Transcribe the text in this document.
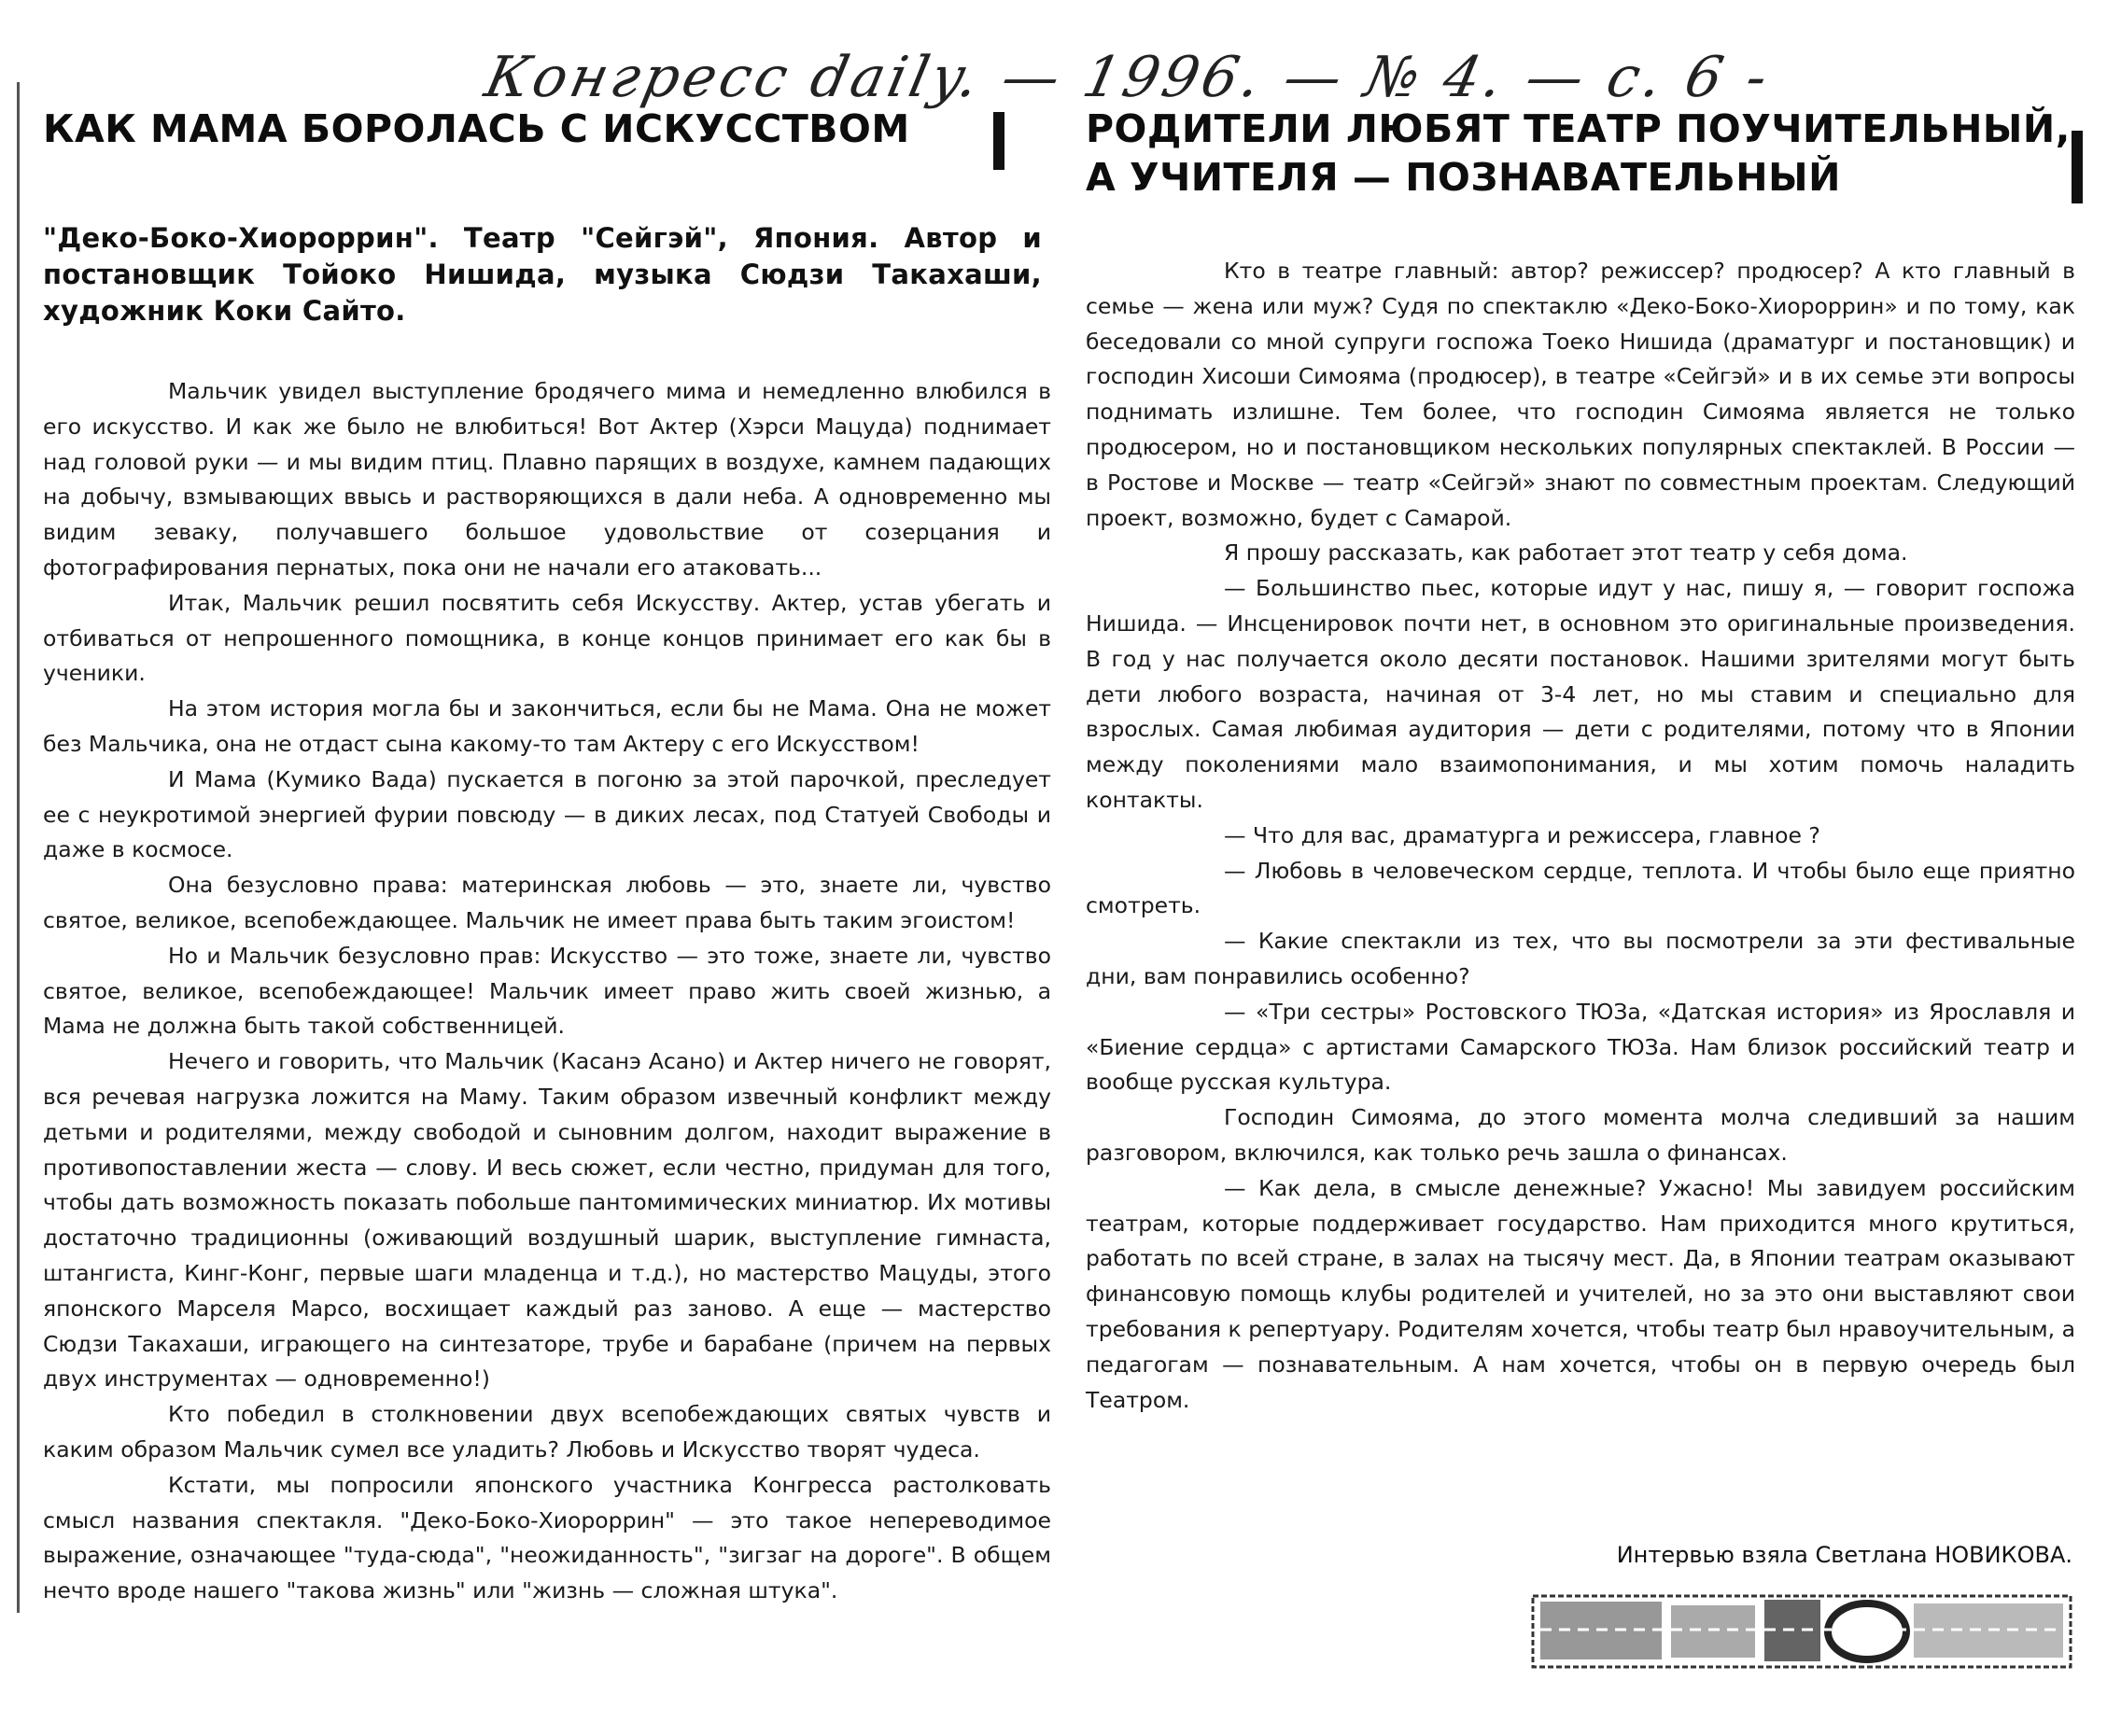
Конгресс daily. — 1996. — № 4. — с. 6 -
КАК МАМА БОРОЛАСЬ С ИСКУССТВОМ
"Деко-Боко-Хиороррин". Театр "Сейгэй", Япония. Автор и постановщик Тойоко Нишида, музыка Сюдзи Такахаши, художник Коки Сайто.

Мальчик увидел выступление бродячего мима и немедленно влюбился в его искусство. И как же было не влюбиться! Вот Актер (Хэрси Мацуда) поднимает над головой руки — и мы видим птиц. Плавно парящих в воздухе, камнем падающих на добычу, взмывающих ввысь и растворяющихся в дали неба. А одновременно мы видим зеваку, получавшего большое удовольствие от созерцания и фотографирования пернатых, пока они не начали его атаковать...

Итак, Мальчик решил посвятить себя Искусству. Актер, устав убегать и отбиваться от непрошенного помощника, в конце концов принимает его как бы в ученики.

На этом история могла бы и закончиться, если бы не Мама. Она не может без Мальчика, она не отдаст сына какому-то там Актеру с его Искусством!

И Мама (Кумико Вада) пускается в погоню за этой парочкой, преследует ее с неукротимой энергией фурии повсюду — в диких лесах, под Статуей Свободы и даже в космосе.

Она безусловно права: материнская любовь — это, знаете ли, чувство святое, великое, всепобеждающее. Мальчик не имеет права быть таким эгоистом!

Но и Мальчик безусловно прав: Искусство — это тоже, знаете ли, чувство святое, великое, всепобеждающее! Мальчик имеет право жить своей жизнью, а Мама не должна быть такой собственницей.

Нечего и говорить, что Мальчик (Касанэ Асано) и Актер ничего не говорят, вся речевая нагрузка ложится на Маму. Таким образом извечный конфликт между детьми и родителями, между свободой и сыновним долгом, находит выражение в противопоставлении жеста — слову. И весь сюжет, если честно, придуман для того, чтобы дать возможность показать побольше пантомимических миниатюр. Их мотивы достаточно традиционны (оживающий воздушный шарик, выступление гимнаста, штангиста, Кинг-Конг, первые шаги младенца и т.д.), но мастерство Мацуды, этого японского Марселя Марсо, восхищает каждый раз заново. А еще — мастерство Сюдзи Такахаши, играющего на синтезаторе, трубе и барабане (причем на первых двух инструментах — одновременно!)

Кто победил в столкновении двух всепобеждающих святых чувств и каким образом Мальчик сумел все уладить? Любовь и Искусство творят чудеса.

Кстати, мы попросили японского участника Конгресса растолковать смысл названия спектакля. "Деко-Боко-Хиороррин" — это такое непереводимое выражение, означающее "туда-сюда", "неожиданность", "зигзаг на дороге". В общем нечто вроде нашего "такова жизнь" или "жизнь — сложная штука".

РОДИТЕЛИ ЛЮБЯТ ТЕАТР ПОУЧИТЕЛЬНЫЙ,
А УЧИТЕЛЯ — ПОЗНАВАТЕЛЬНЫЙ

Кто в театре главный: автор? режиссер? продюсер? А кто главный в семье — жена или муж? Судя по спектаклю «Деко-Боко-Хиороррин» и по тому, как беседовали со мной супруги госпожа Тоеко Нишида (драматург и постановщик) и господин Хисоши Симояма (продюсер), в театре «Сейгэй» и в их семье эти вопросы поднимать излишне. Тем более, что господин Симояма является не только продюсером, но и постановщиком нескольких популярных спектаклей. В России — в Ростове и Москве — театр «Сейгэй» знают по совместным проектам. Следующий проект, возможно, будет с Самарой.

Я прошу рассказать, как работает этот театр у себя дома.

— Большинство пьес, которые идут у нас, пишу я, — говорит госпожа Нишида. — Инсценировок почти нет, в основном это оригинальные произведения. В год у нас получается около десяти постановок. Нашими зрителями могут быть дети любого возраста, начиная от 3-4 лет, но мы ставим и специально для взрослых. Самая любимая аудитория — дети с родителями, потому что в Японии между поколениями мало взаимопонимания, и мы хотим помочь наладить контакты.

— Что для вас, драматурга и режиссера, главное ?

— Любовь в человеческом сердце, теплота. И чтобы было еще приятно смотреть.

— Какие спектакли из тех, что вы посмотрели за эти фестивальные дни, вам понравились особенно?

— «Три сестры» Ростовского ТЮЗа, «Датская история» из Ярославля и «Биение сердца» с артистами Самарского ТЮЗа. Нам близок российский театр и вообще русская культура.

Господин Симояма, до этого момента молча следивший за нашим разговором, включился, как только речь зашла о финансах.

— Как дела, в смысле денежные? Ужасно! Мы завидуем российским театрам, которые поддерживает государство. Нам приходится много крутиться, работать по всей стране, в залах на тысячу мест. Да, в Японии театрам оказывают финансовую помощь клубы родителей и учителей, но за это они выставляют свои требования к репертуару. Родителям хочется, чтобы театр был нравоучительным, а педагогам — познавательным. А нам хочется, чтобы он в первую очередь был Театром.

Интервью взяла Светлана НОВИКОВА.
